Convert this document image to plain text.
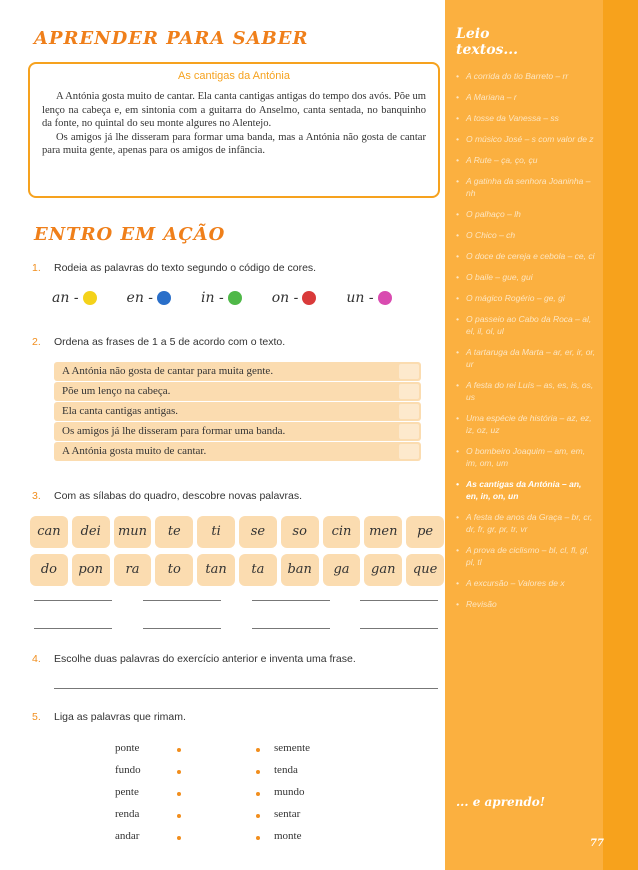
APRENDER PARA SABER
As cantigas da Antónia

A Antónia gosta muito de cantar. Ela canta cantigas antigas do tempo dos avós. Põe um lenço na cabeça e, em sintonia com a guitarra do Anselmo, canta sentada, no banquinho da fonte, no quintal do seu monte algures no Alentejo.

Os amigos já lhe disseram para formar uma banda, mas a Antónia não gosta de cantar para muita gente, apenas para os amigos de infância.

ENTRO EM AÇÃO
1. Rodeia as palavras do texto segundo o código de cores.
an -	en -	in -	on -	un -
2. Ordena as frases de 1 a 5 de acordo com o texto.
A Antónia não gosta de cantar para muita gente.
Põe um lenço na cabeça.
Ela canta cantigas antigas.
Os amigos já lhe disseram para formar uma banda.
A Antónia gosta muito de cantar.
3. Com as sílabas do quadro, descobre novas palavras.
can	dei	mun	te	ti	se	so	cin	men	pe
do	pon	ra	to	tan	ta	ban	ga	gan	que
4. Escolhe duas palavras do exercício anterior e inventa uma frase.
5. Liga as palavras que rimam.
ponte
fundo
pente
renda
andar
semente
tenda
mundo
sentar
monte
Leio
textos...
• A corrida do tio Barreto – rr
• A Mariana – r
• A tosse da Vanessa – ss
• O músico José – s com valor de z
• A Rute – ça, ço, çu
• A gatinha da senhora Joaninha – nh
• O palhaço – lh
• O Chico – ch
• O doce de cereja e cebola – ce, ci
• O baile – gue, gui
• O mágico Rogério – ge, gi
• O passeio ao Cabo da Roca – al, el, il, ol, ul
• A tartaruga da Marta – ar, er, ir, or, ur
• A festa do rei Luís – as, es, is, os, us
• Uma espécie de história – az, ez, iz, oz, uz
• O bombeiro Joaquim – am, em, im, om, um
• As cantigas da Antónia – an, en, in, on, un
• A festa de anos da Graça – br, cr, dr, fr, gr, pr, tr, vr
• A prova de ciclismo – bl, cl, fl, gl, pl, tl
• A excursão – Valores de x
• Revisão
... e aprendo!
77
